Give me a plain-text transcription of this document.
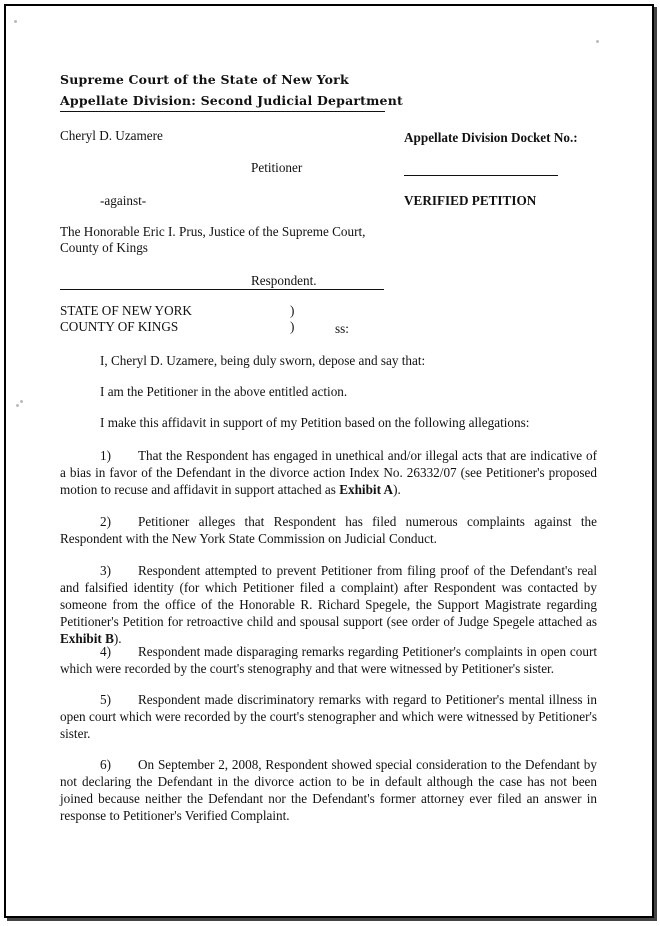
Supreme Court of the State of New York
Appellate Division: Second Judicial Department
Cheryl D. Uzamere	Appellate Division Docket No.:
Petitioner
-against-	VERIFIED PETITION
The Honorable Eric I. Prus, Justice of the Supreme Court,
County of Kings
Respondent.
STATE OF NEW YORK	)
COUNTY OF KINGS	)	ss:
I, Cheryl D. Uzamere, being duly sworn, depose and say that:
I am the Petitioner in the above entitled action.
I make this affidavit in support of my Petition based on the following allegations:
1) That the Respondent has engaged in unethical and/or illegal acts that are indicative of a bias in favor of the Defendant in the divorce action Index No. 26332/07 (see Petitioner's proposed motion to recuse and affidavit in support attached as Exhibit A).
2) Petitioner alleges that Respondent has filed numerous complaints against the Respondent with the New York State Commission on Judicial Conduct.
3) Respondent attempted to prevent Petitioner from filing proof of the Defendant's real and falsified identity (for which Petitioner filed a complaint) after Respondent was contacted by someone from the office of the Honorable R. Richard Spegele, the Support Magistrate regarding Petitioner's Petition for retroactive child and spousal support (see order of Judge Spegele attached as Exhibit B).
4) Respondent made disparaging remarks regarding Petitioner's complaints in open court which were recorded by the court's stenography and that were witnessed by Petitioner's sister.
5) Respondent made discriminatory remarks with regard to Petitioner's mental illness in open court which were recorded by the court's stenographer and which were witnessed by Petitioner's sister.
6) On September 2, 2008, Respondent showed special consideration to the Defendant by not declaring the Defendant in the divorce action to be in default although the case has not been joined because neither the Defendant nor the Defendant's former attorney ever filed an answer in response to Petitioner's Verified Complaint.
